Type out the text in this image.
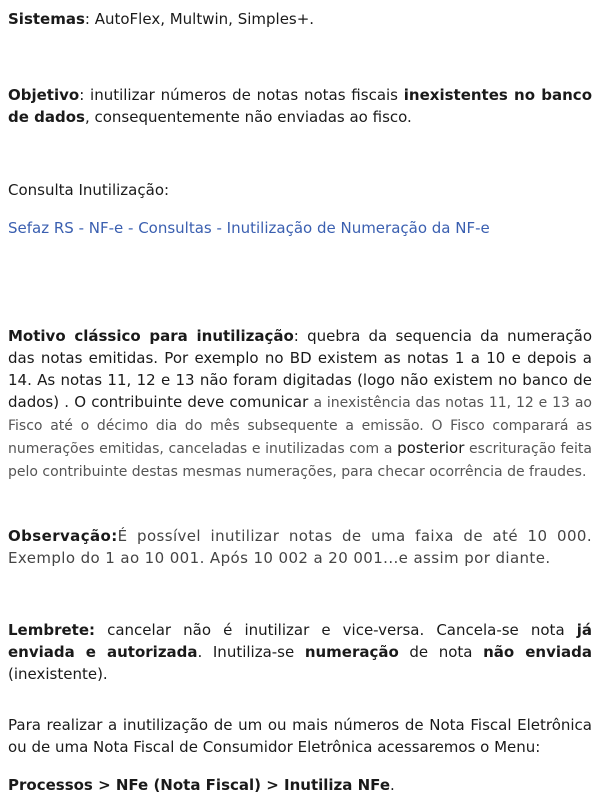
Sistemas: AutoFlex, Multwin, Simples+.

Objetivo: inutilizar números de notas notas fiscais inexistentes no banco de dados, consequentemente não enviadas ao fisco.

Consulta Inutilização:

Sefaz RS - NF-e - Consultas - Inutilização de Numeração da NF-e

Motivo clássico para inutilização: quebra da sequencia da numeração das notas emitidas. Por exemplo no BD existem as notas 1 a 10 e depois a 14. As notas 11, 12 e 13 não foram digitadas (logo não existem no banco de dados) . O contribuinte deve comunicar a inexistência das notas 11, 12 e 13 ao Fisco até o décimo dia do mês subsequente a emissão. O Fisco comparará as numerações emitidas, canceladas e inutilizadas com a posterior escrituração feita pelo contribuinte destas mesmas numerações, para checar ocorrência de fraudes.

Observação:É possível inutilizar notas de uma faixa de até 10 000. Exemplo do 1 ao 10 001. Após 10 002 a 20 001...e assim por diante.

Lembrete: cancelar não é inutilizar e vice-versa. Cancela-se nota já enviada e autorizada. Inutiliza-se numeração de nota não enviada (inexistente).

Para realizar a inutilização de um ou mais números de Nota Fiscal Eletrônica ou de uma Nota Fiscal de Consumidor Eletrônica acessaremos o Menu:

Processos > NFe (Nota Fiscal) > Inutiliza NFe.
